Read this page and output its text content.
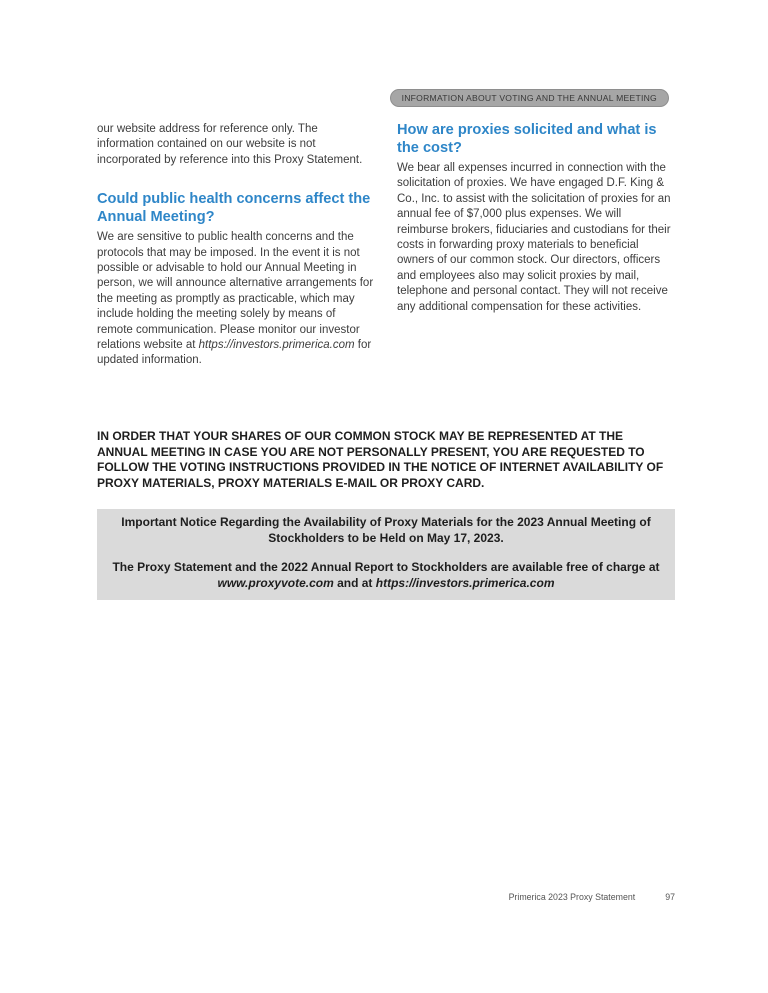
INFORMATION ABOUT VOTING AND THE ANNUAL MEETING

our website address for reference only. The information contained on our website is not incorporated by reference into this Proxy Statement.

Could public health concerns affect the Annual Meeting?

We are sensitive to public health concerns and the protocols that may be imposed. In the event it is not possible or advisable to hold our Annual Meeting in person, we will announce alternative arrangements for the meeting as promptly as practicable, which may include holding the meeting solely by means of remote communication. Please monitor our investor relations website at https://investors.primerica.com for updated information.

How are proxies solicited and what is the cost?

We bear all expenses incurred in connection with the solicitation of proxies. We have engaged D.F. King & Co., Inc. to assist with the solicitation of proxies for an annual fee of $7,000 plus expenses. We will reimburse brokers, fiduciaries and custodians for their costs in forwarding proxy materials to beneficial owners of our common stock. Our directors, officers and employees also may solicit proxies by mail, telephone and personal contact. They will not receive any additional compensation for these activities.

IN ORDER THAT YOUR SHARES OF OUR COMMON STOCK MAY BE REPRESENTED AT THE ANNUAL MEETING IN CASE YOU ARE NOT PERSONALLY PRESENT, YOU ARE REQUESTED TO FOLLOW THE VOTING INSTRUCTIONS PROVIDED IN THE NOTICE OF INTERNET AVAILABILITY OF PROXY MATERIALS, PROXY MATERIALS E-MAIL OR PROXY CARD.

Important Notice Regarding the Availability of Proxy Materials for the 2023 Annual Meeting of Stockholders to be Held on May 17, 2023.

The Proxy Statement and the 2022 Annual Report to Stockholders are available free of charge at www.proxyvote.com and at https://investors.primerica.com

Primerica 2023 Proxy Statement	97
